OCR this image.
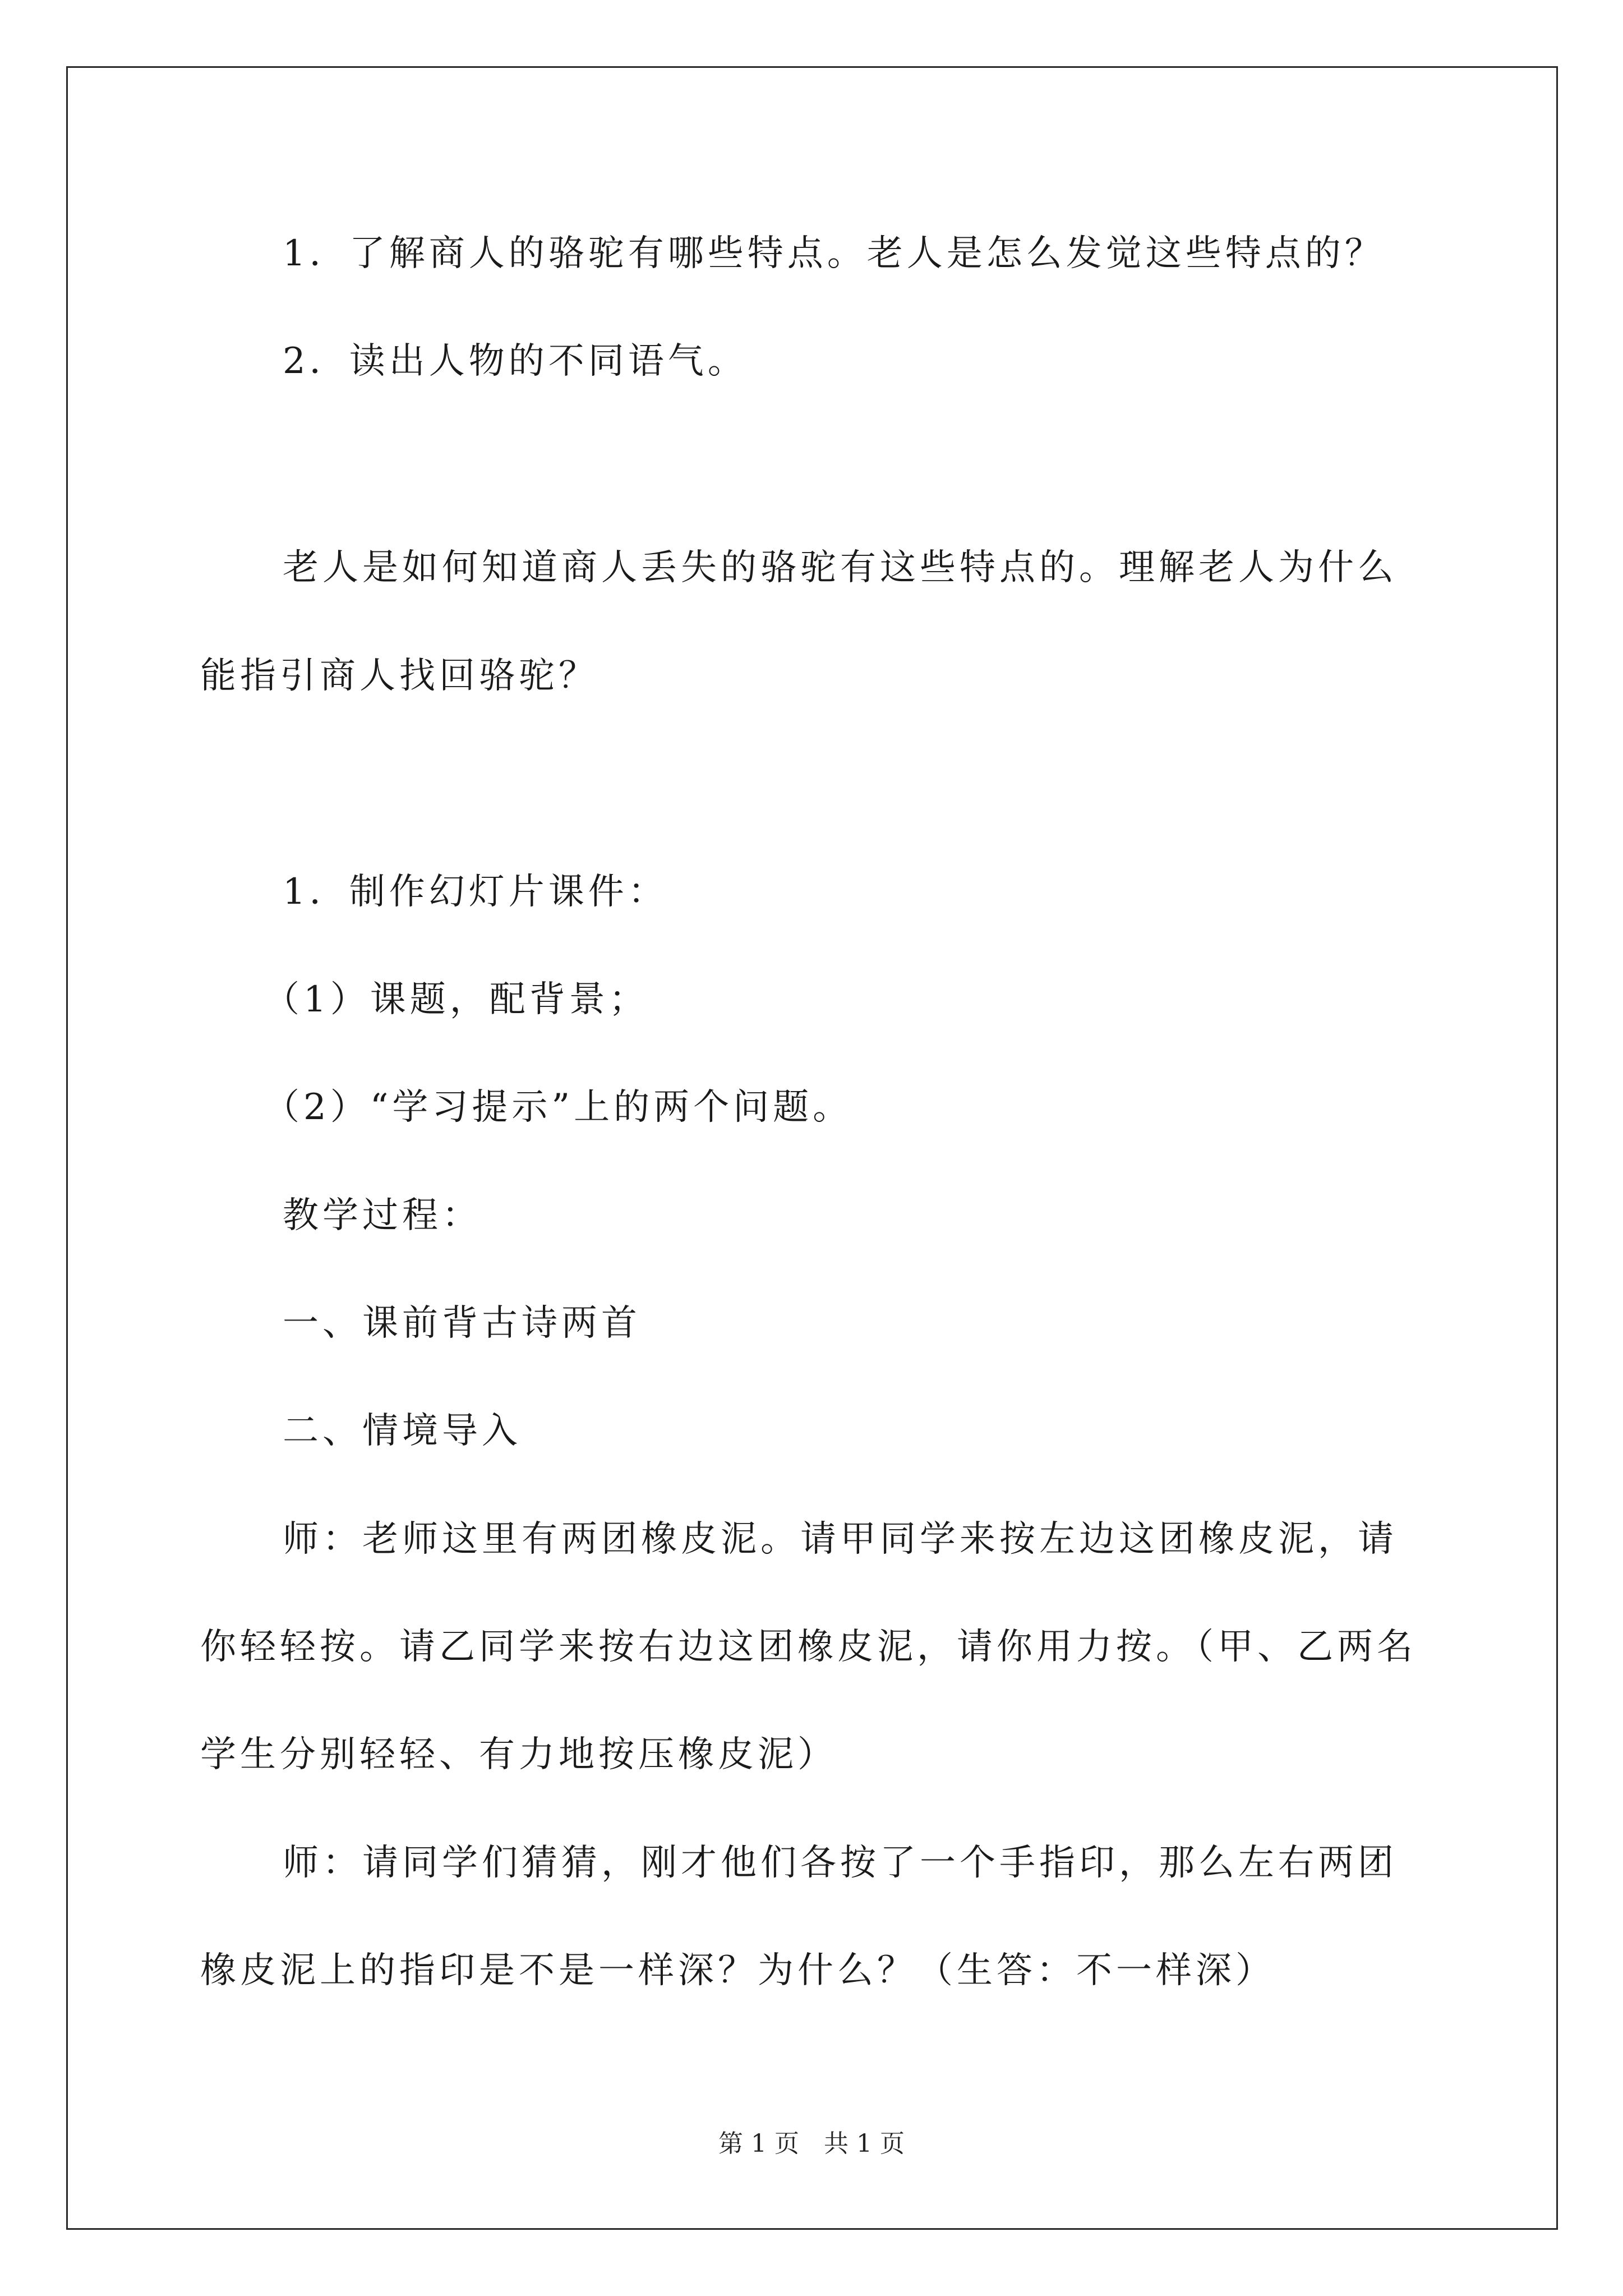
1．了解商人的骆驼有哪些特点。老人是怎么发觉这些特点的？
2．读出人物的不同语气。
老人是如何知道商人丢失的骆驼有这些特点的。理解老人为什么
能指引商人找回骆驼？
1．制作幻灯片课件：
（1）课题，配背景；
（2）“学习提示”上的两个问题。
教学过程：
一、课前背古诗两首
二、情境导入
师：老师这里有两团橡皮泥。请甲同学来按左边这团橡皮泥，请
你轻轻按。请乙同学来按右边这团橡皮泥，请你用力按。（甲、乙两名
学生分别轻轻、有力地按压橡皮泥）
师：请同学们猜猜，刚才他们各按了一个手指印，那么左右两团
橡皮泥上的指印是不是一样深？为什么？（生答：不一样深）
第 1 页　共 1 页
